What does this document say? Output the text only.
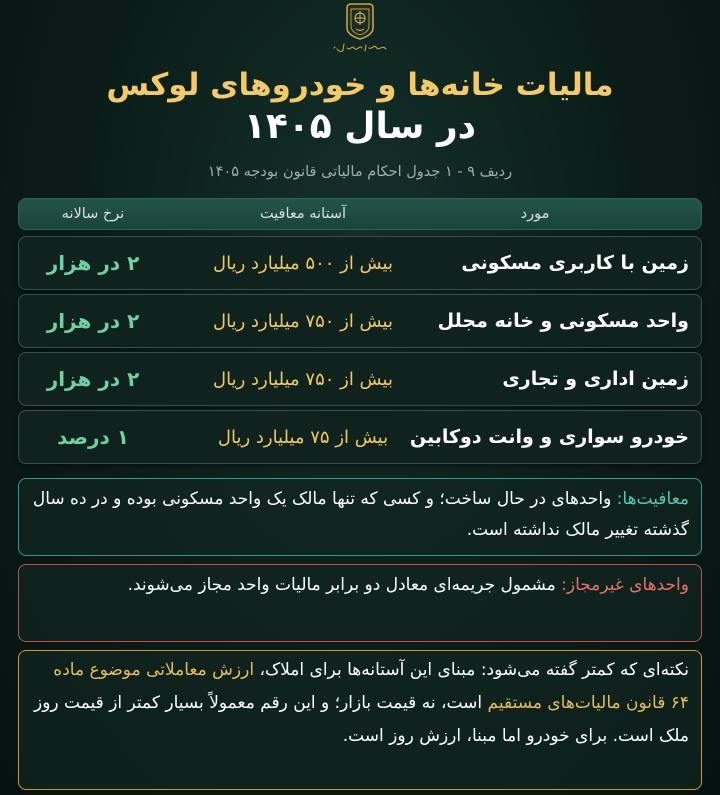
مالیات خانه‌ها و خودروهای لوکس
در سال ۱۴۰۵
ردیف ۹ - ۱ جدول احکام مالیاتی قانون بودجه ۱۴۰۵
مورد
آستانه معافیت
نرخ سالانه
زمین با کاربری مسکونی
بیش از ۵۰۰ میلیارد ریال
۲ در هزار
واحد مسکونی و خانه مجلل
بیش از ۷۵۰ میلیارد ریال
۲ در هزار
زمین اداری و تجاری
بیش از ۷۵۰ میلیارد ریال
۲ در هزار
خودرو سواری و وانت دوکابین
بیش از ۷۵ میلیارد ریال
۱ درصد
معافیت‌ها: واحدهای در حال ساخت؛ و کسی که تنها مالک یک واحد مسکونی بوده و در ده سال گذشته تغییر مالک نداشته است.
واحدهای غیرمجاز: مشمول جریمه‌ای معادل دو برابر مالیات واحد مجاز می‌شوند.
نکته‌ای که کمتر گفته می‌شود: مبنای این آستانه‌ها برای املاک، ارزش معاملاتی موضوع ماده ۶۴ قانون مالیات‌های مستقیم است، نه قیمت بازار؛ و این رقم معمولاً بسیار کمتر از قیمت روز ملک است. برای خودرو اما مبنا، ارزش روز است.
